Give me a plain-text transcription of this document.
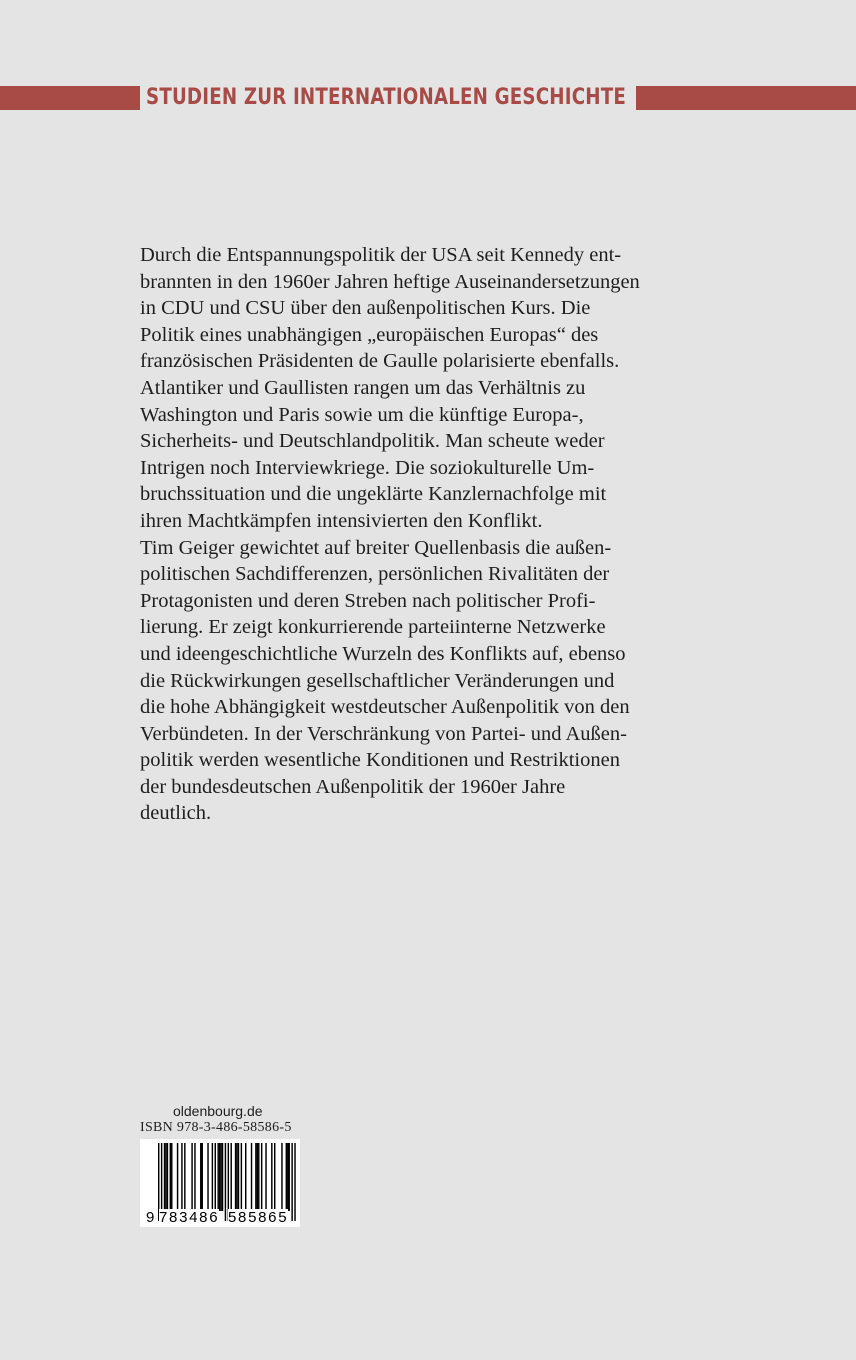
STUDIEN ZUR INTERNATIONALEN GESCHICHTE
Durch die Entspannungspolitik der USA seit Kennedy ent-
brannten in den 1960er Jahren heftige Auseinandersetzungen
in CDU und CSU über den außenpolitischen Kurs. Die
Politik eines unabhängigen „europäischen Europas“ des
französischen Präsidenten de Gaulle polarisierte ebenfalls.
Atlantiker und Gaullisten rangen um das Verhältnis zu
Washington und Paris sowie um die künftige Europa-,
Sicherheits- und Deutschlandpolitik. Man scheute weder
Intrigen noch Interviewkriege. Die soziokulturelle Um-
bruchssituation und die ungeklärte Kanzlernachfolge mit
ihren Machtkämpfen intensivierten den Konflikt.
Tim Geiger gewichtet auf breiter Quellenbasis die außen-
politischen Sachdifferenzen, persönlichen Rivalitäten der
Protagonisten und deren Streben nach politischer Profi-
lierung. Er zeigt konkurrierende parteiinterne Netzwerke
und ideengeschichtliche Wurzeln des Konflikts auf, ebenso
die Rückwirkungen gesellschaftlicher Veränderungen und
die hohe Abhängigkeit westdeutscher Außenpolitik von den
Verbündeten. In der Verschränkung von Partei- und Außen-
politik werden wesentliche Konditionen und Restriktionen
der bundesdeutschen Außenpolitik der 1960er Jahre
deutlich.
oldenbourg.de
ISBN 978-3-486-58586-5
9 783486 585865
